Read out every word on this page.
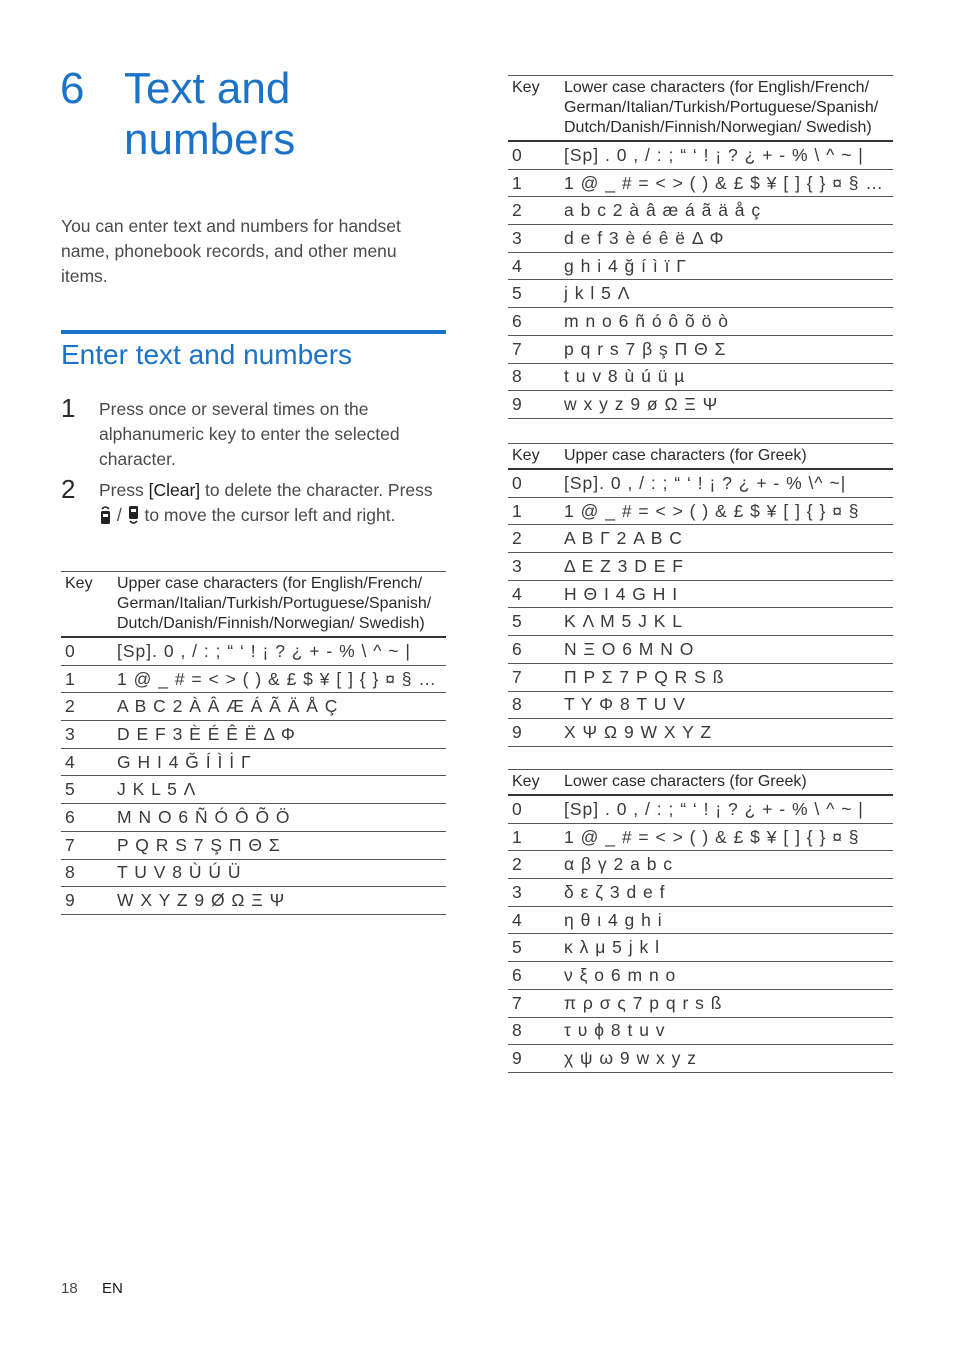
6 Text and numbers
You can enter text and numbers for handset name, phonebook records, and other menu items.
Enter text and numbers
1 Press once or several times on the alphanumeric key to enter the selected character.
2 Press [Clear] to delete the character. Press  /  to move the cursor left and right.
Key	Upper case characters (for English/French/ German/Italian/Turkish/Portuguese/Spanish/ Dutch/Danish/Finnish/Norwegian/ Swedish)
0	[Sp]. 0 , / : ; “ ‘ ! ¡ ? ¿ + - % \ ^ ~ |
1	1 @ _ # = < > ( ) & £ $ ¥ [ ] { } ¤ § …
2	A B C 2 À Â Æ Á Ã Ä Å Ç
3	D E F 3 È É Ê Ë Δ Φ
4	G H I 4 Ğ Í Ì İ Γ
5	J K L 5 Λ
6	M N O 6 Ñ Ó Ô Õ Ö
7	P Q R S 7 Ş Π Θ Σ
8	T U V 8 Ù Ú Ü
9	W X Y Z 9 Ø Ω Ξ Ψ
Key	Lower case characters (for English/French/ German/Italian/Turkish/Portuguese/Spanish/ Dutch/Danish/Finnish/Norwegian/ Swedish)
0	[Sp] . 0 , / : ; “ ‘ ! ¡ ? ¿ + - % \ ^ ~ |
1	1 @ _ # = < > ( ) & £ $ ¥ [ ] { } ¤ § …
2	a b c 2 à â æ á ã ä å ç
3	d e f 3 è é ê ë Δ Φ
4	g h i 4 ğ í ì ï Γ
5	j k l 5 Λ
6	m n o 6 ñ ó ô õ ö ò
7	p q r s 7 β ş Π Θ Σ
8	t u v 8 ù ú ü µ
9	w x y z 9 ø Ω Ξ Ψ
Key	Upper case characters (for Greek)
0	[Sp]. 0 , / : ; “ ‘ ! ¡ ? ¿ + - % \^ ~|
1	1 @ _ # = < > ( ) & £ $ ¥ [ ] { } ¤ §
2	A B Γ 2 A B C
3	Δ E Z 3 D E F
4	H Θ I 4 G H I
5	K Λ M 5 J K L
6	N Ξ O 6 M N O
7	Π P Σ 7 P Q R S ß
8	T Y Φ 8 T U V
9	X Ψ Ω 9 W X Y Z
Key	Lower case characters (for Greek)
0	[Sp] . 0 , / : ; “ ‘ ! ¡ ? ¿ + - % \ ^ ~ |
1	1 @ _ # = < > ( ) & £ $ ¥ [ ] { } ¤ §
2	α β γ 2 a b c
3	δ ε ζ 3 d e f
4	η θ ι 4 g h i
5	κ λ μ 5 j k l
6	ν ξ ο 6 m n o
7	π ρ σ ς 7 p q r s ß
8	τ υ ϕ 8 t u v
9	χ ψ ω 9 w x y z
18 EN
